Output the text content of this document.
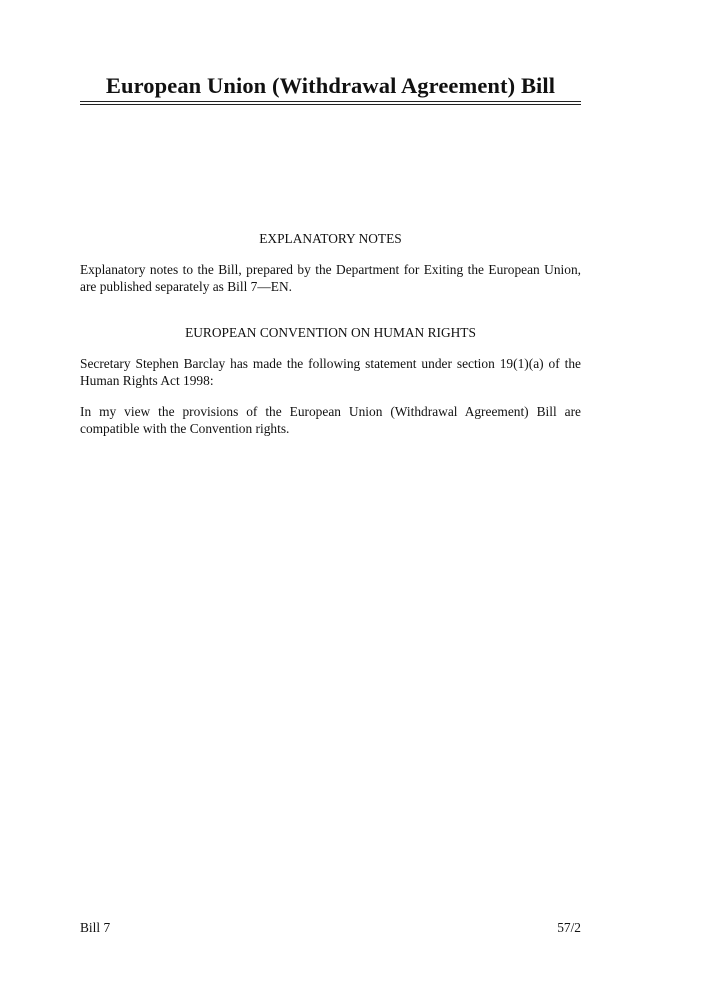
European Union (Withdrawal Agreement) Bill
EXPLANATORY NOTES
Explanatory notes to the Bill, prepared by the Department for Exiting the European Union, are published separately as Bill 7—EN.
EUROPEAN CONVENTION ON HUMAN RIGHTS
Secretary Stephen Barclay has made the following statement under section 19(1)(a) of the Human Rights Act 1998:
In my view the provisions of the European Union (Withdrawal Agreement) Bill are compatible with the Convention rights.
Bill 7	57/2
